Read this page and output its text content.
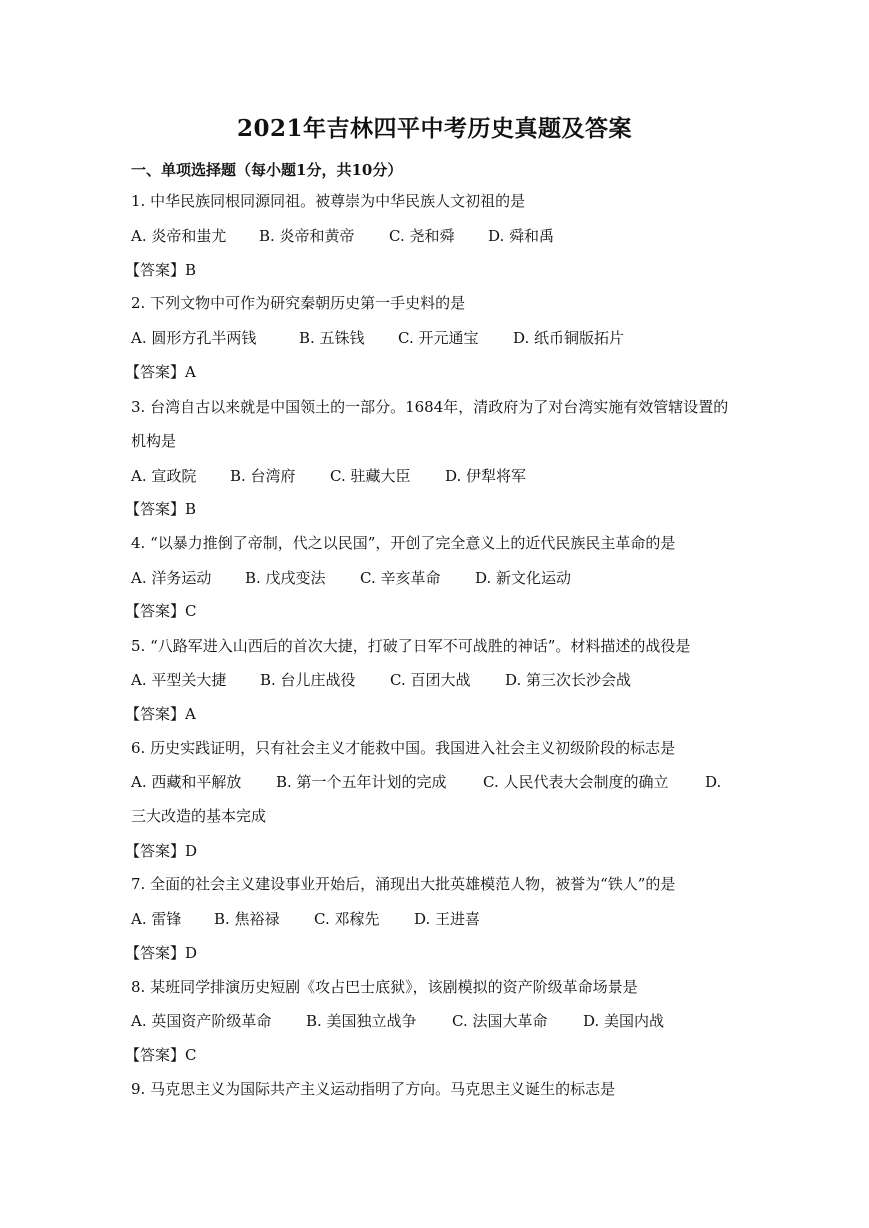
2021年吉林四平中考历史真题及答案
一、单项选择题（每小题1分，共10分）
1. 中华民族同根同源同祖。被尊崇为中华民族人文初祖的是
A. 炎帝和蚩尤 B. 炎帝和黄帝 C. 尧和舜 D. 舜和禹
【答案】B
2. 下列文物中可作为研究秦朝历史第一手史料的是
A. 圆形方孔半两钱	B. 五铢钱 C. 开元通宝 D. 纸币铜版拓片
【答案】A
3. 台湾自古以来就是中国领土的一部分。1684年，清政府为了对台湾实施有效管辖设置的
机构是
A. 宣政院 B. 台湾府 C. 驻藏大臣 D. 伊犁将军
【答案】B
4. “以暴力推倒了帝制，代之以民国”，开创了完全意义上的近代民族民主革命的是
A. 洋务运动 B. 戊戌变法 C. 辛亥革命 D. 新文化运动
【答案】C
5. “八路军进入山西后的首次大捷，打破了日军不可战胜的神话”。材料描述的战役是
A. 平型关大捷 B. 台儿庄战役 C. 百团大战 D. 第三次长沙会战
【答案】A
6. 历史实践证明，只有社会主义才能救中国。我国进入社会主义初级阶段的标志是
A. 西藏和平解放 B. 第一个五年计划的完成 C. 人民代表大会制度的确立 D.
三大改造的基本完成
【答案】D
7. 全面的社会主义建设事业开始后，涌现出大批英雄模范人物，被誉为“铁人”的是
A. 雷锋 B. 焦裕禄 C. 邓稼先 D. 王进喜
【答案】D
8. 某班同学排演历史短剧《攻占巴士底狱》，该剧模拟的资产阶级革命场景是
A. 英国资产阶级革命 B. 美国独立战争 C. 法国大革命 D. 美国内战
【答案】C
9. 马克思主义为国际共产主义运动指明了方向。马克思主义诞生的标志是
